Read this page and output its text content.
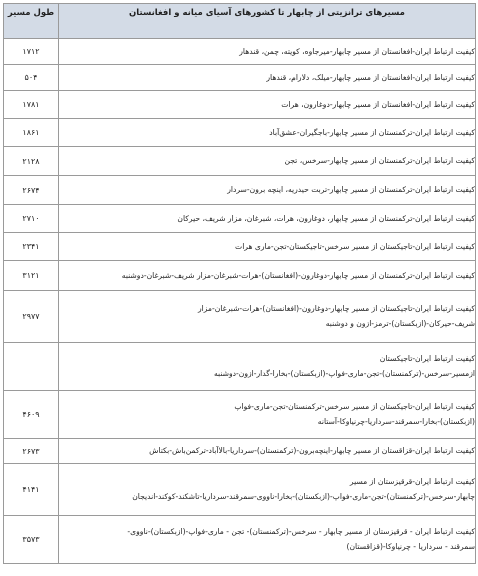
مسیرهای ترانزیتی از چابهار تا کشورهای آسیای میانه و افغانستان	طول مسیر

کیفیت ارتباط ایران-افغانستان از مسیر چابهار-میرجاوه، کویته، چمن، قندهار	۱۷۱۲

کیفیت ارتباط ایران-افغانستان از مسیر چابهار-میلک، دلارام، قندهار	۵۰۴

کیفیت ارتباط ایران-افغانستان از مسیر چابهار-دوغارون، هرات	۱۷۸۱

کیفیت ارتباط ایران-ترکمنستان از مسیر چابهار-باجگیران-عشق‌آباد	۱۸۶۱

کیفیت ارتباط ایران-ترکمنستان از مسیر چابهار-سرخس، تجن	۲۱۲۸

کیفیت ارتباط ایران-ترکمنستان از مسیر چابهار-تربت حیدریه، اینچه برون-سردار	۲۶۷۴

کیفیت ارتباط ایران-ترکمنستان از مسیر چابهار، دوغارون، هرات، شبرغان، مزار شریف، حیرکان	۲۷۱۰

کیفیت ارتباط ایران-تاجیکستان از مسیر سرخس-تاجیکستان-تجن-ماری هرات	۲۳۴۱

کیفیت ارتباط ایران-ترکمنستان از مسیر چابهار-دوغارون-(افغانستان)-هرات-شبرغان-مزار شریف-شبرغان-دوشنبه	۳۱۲۱

کیفیت ارتباط ایران-تاجیکستان از مسیر چابهار-دوغارون-(افغانستان)-هرات-شبرغان-مزار
شریف-حیرکان-(ازبکستان)-ترمز-ازون و دوشنبه	۲۹۷۷

کیفیت ارتباط ایران-تاجیکستان
ازمسیر-سرخس-(ترکمنستان)-تجن-ماری-فواپ-(ازبکستان)-بخارا-گدار-ازون-دوشنبه	

کیفیت ارتباط ایران-تاجیکستان از مسیر سرخس-ترکمنستان-تجن-ماری-فواپ
(ازبکستان)-بخارا-سمرقند-سرداریا-چرنیاوکا-آستانه	۴۶۰۹

کیفیت ارتباط ایران-قزاقستان از مسیر چابهار-اینچه‌برون-(ترکمنستان)-سرداریا-بالا‌آباد-ترکمن‌باش-بکتاش	۲۶۷۳

کیفیت ارتباط ایران-قرقیزستان از مسیر
چابهار-سرخس-(ترکمنستان)-تجن-ماری-فواپ-(ازبکستان)-بخارا-ناووی-سمرقند-سرداریا-تاشکند-کوکند-اندیجان	۴۱۴۱

کیفیت ارتباط ایران - قرقیزستان از مسیر چابهار - سرخس-(ترکمنستان)- تجن - ماری-فواپ-(ازبکستان)-ناووی-
سمرقند - سرداریا - چرنیاوکا-(قزاقستان)	۳۵۷۳
